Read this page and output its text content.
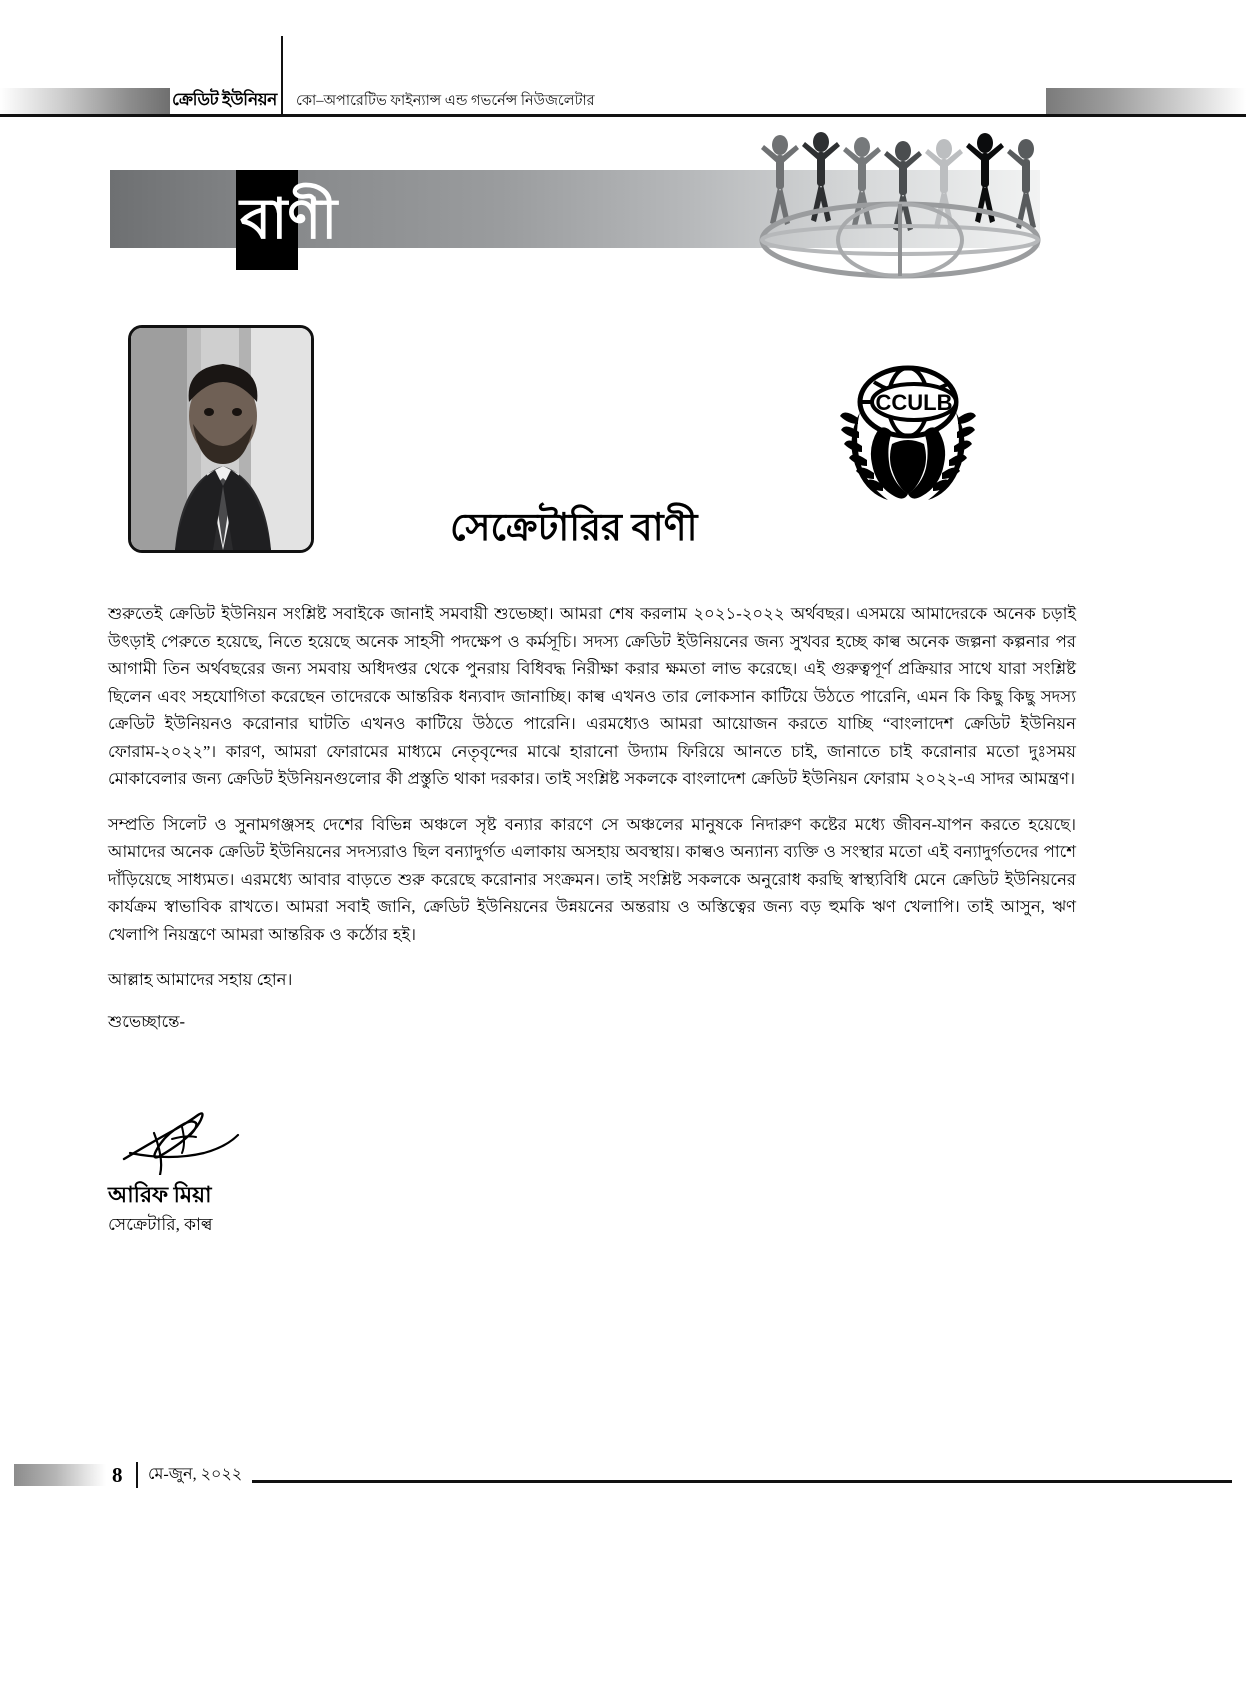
ক্রেডিট ইউনিয়ন	কো–অপারেটিভ ফাইন্যান্স এন্ড গভর্নেন্স নিউজলেটার
বাণী
CCULB
সেক্রেটারির বাণী

শুরুতেই ক্রেডিট ইউনিয়ন সংশ্লিষ্ট সবাইকে জানাই সমবায়ী শুভেচ্ছা। আমরা শেষ করলাম ২০২১-২০২২ অর্থবছর। এসময়ে আমাদেরকে অনেক চড়াই উৎড়াই পেরুতে হয়েছে, নিতে হয়েছে অনেক সাহসী পদক্ষেপ ও কর্মসূচি। সদস্য ক্রেডিট ইউনিয়নের জন্য সুখবর হচ্ছে কাল্ব অনেক জল্পনা কল্পনার পর আগামী তিন অর্থবছরের জন্য সমবায় অধিদপ্তর থেকে পুনরায় বিধিবদ্ধ নিরীক্ষা করার ক্ষমতা লাভ করেছে। এই গুরুত্বপূর্ণ প্রক্রিয়ার সাথে যারা সংশ্লিষ্ট ছিলেন এবং সহযোগিতা করেছেন তাদেরকে আন্তরিক ধন্যবাদ জানাচ্ছি। কাল্ব এখনও তার লোকসান কাটিয়ে উঠতে পারেনি, এমন কি কিছু কিছু সদস্য ক্রেডিট ইউনিয়নও করোনার ঘাটতি এখনও কাটিয়ে উঠতে পারেনি। এরমধ্যেও আমরা আয়োজন করতে যাচ্ছি “বাংলাদেশ ক্রেডিট ইউনিয়ন ফোরাম-২০২২”। কারণ, আমরা ফোরামের মাধ্যমে নেতৃবৃন্দের মাঝে হারানো উদ্যাম ফিরিয়ে আনতে চাই, জানাতে চাই করোনার মতো দুঃসময় মোকাবেলার জন্য ক্রেডিট ইউনিয়নগুলোর কী প্রস্তুতি থাকা দরকার। তাই সংশ্লিষ্ট সকলকে বাংলাদেশ ক্রেডিট ইউনিয়ন ফোরাম ২০২২-এ সাদর আমন্ত্রণ।

সম্প্রতি সিলেট ও সুনামগঞ্জসহ দেশের বিভিন্ন অঞ্চলে সৃষ্ট বন্যার কারণে সে অঞ্চলের মানুষকে নিদারুণ কষ্টের মধ্যে জীবন-যাপন করতে হয়েছে। আমাদের অনেক ক্রেডিট ইউনিয়নের সদস্যরাও ছিল বন্যাদুর্গত এলাকায় অসহায় অবস্থায়। কাল্বও অন্যান্য ব্যক্তি ও সংস্থার মতো এই বন্যাদুর্গতদের পাশে দাঁড়িয়েছে সাধ্যমত। এরমধ্যে আবার বাড়তে শুরু করেছে করোনার সংক্রমন। তাই সংশ্লিষ্ট সকলকে অনুরোধ করছি স্বাস্থ্যবিধি মেনে ক্রেডিট ইউনিয়নের কার্যক্রম স্বাভাবিক রাখতে। আমরা সবাই জানি, ক্রেডিট ইউনিয়নের উন্নয়নের অন্তরায় ও অস্তিত্বের জন্য বড় হুমকি ঋণ খেলাপি। তাই আসুন, ঋণ খেলাপি নিয়ন্ত্রণে আমরা আন্তরিক ও কর্ঠোর হই।

আল্লাহ আমাদের সহায় হোন।

শুভেচ্ছান্তে-

আরিফ মিয়া
সেক্রেটারি, কাল্ব
8 মে-জুন, ২০২২
